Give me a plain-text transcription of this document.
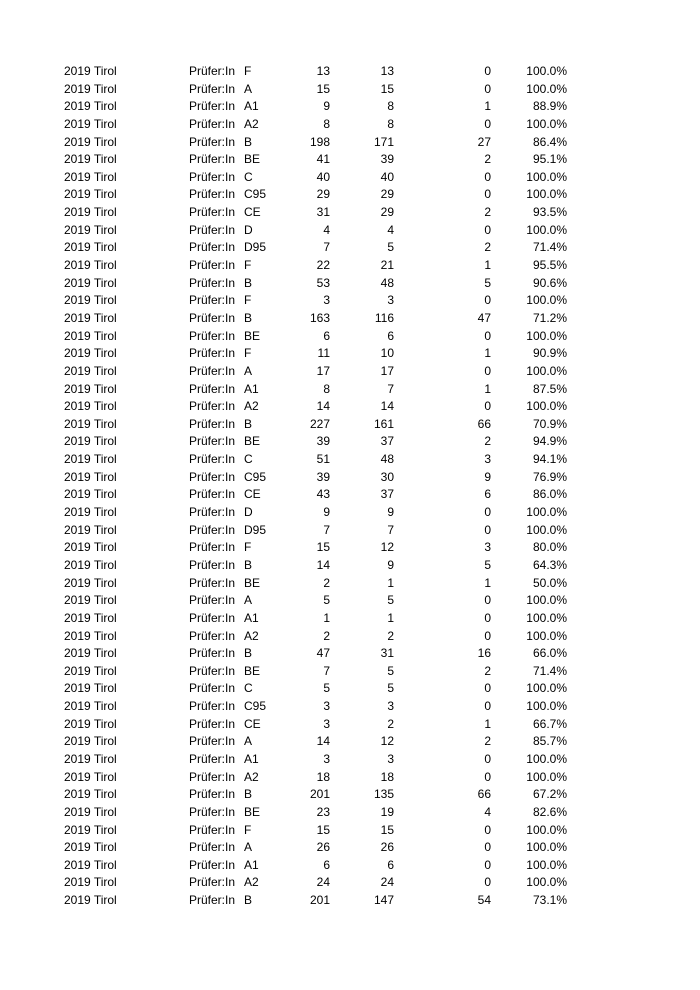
2019 Tirol	Prüfer:In F	13	13	0	100.0%
2019 Tirol	Prüfer:In A	15	15	0	100.0%
2019 Tirol	Prüfer:In A1	9	8	1	88.9%
2019 Tirol	Prüfer:In A2	8	8	0	100.0%
2019 Tirol	Prüfer:In B	198	171	27	86.4%
2019 Tirol	Prüfer:In BE	41	39	2	95.1%
2019 Tirol	Prüfer:In C	40	40	0	100.0%
2019 Tirol	Prüfer:In C95	29	29	0	100.0%
2019 Tirol	Prüfer:In CE	31	29	2	93.5%
2019 Tirol	Prüfer:In D	4	4	0	100.0%
2019 Tirol	Prüfer:In D95	7	5	2	71.4%
2019 Tirol	Prüfer:In F	22	21	1	95.5%
2019 Tirol	Prüfer:In B	53	48	5	90.6%
2019 Tirol	Prüfer:In F	3	3	0	100.0%
2019 Tirol	Prüfer:In B	163	116	47	71.2%
2019 Tirol	Prüfer:In BE	6	6	0	100.0%
2019 Tirol	Prüfer:In F	11	10	1	90.9%
2019 Tirol	Prüfer:In A	17	17	0	100.0%
2019 Tirol	Prüfer:In A1	8	7	1	87.5%
2019 Tirol	Prüfer:In A2	14	14	0	100.0%
2019 Tirol	Prüfer:In B	227	161	66	70.9%
2019 Tirol	Prüfer:In BE	39	37	2	94.9%
2019 Tirol	Prüfer:In C	51	48	3	94.1%
2019 Tirol	Prüfer:In C95	39	30	9	76.9%
2019 Tirol	Prüfer:In CE	43	37	6	86.0%
2019 Tirol	Prüfer:In D	9	9	0	100.0%
2019 Tirol	Prüfer:In D95	7	7	0	100.0%
2019 Tirol	Prüfer:In F	15	12	3	80.0%
2019 Tirol	Prüfer:In B	14	9	5	64.3%
2019 Tirol	Prüfer:In BE	2	1	1	50.0%
2019 Tirol	Prüfer:In A	5	5	0	100.0%
2019 Tirol	Prüfer:In A1	1	1	0	100.0%
2019 Tirol	Prüfer:In A2	2	2	0	100.0%
2019 Tirol	Prüfer:In B	47	31	16	66.0%
2019 Tirol	Prüfer:In BE	7	5	2	71.4%
2019 Tirol	Prüfer:In C	5	5	0	100.0%
2019 Tirol	Prüfer:In C95	3	3	0	100.0%
2019 Tirol	Prüfer:In CE	3	2	1	66.7%
2019 Tirol	Prüfer:In A	14	12	2	85.7%
2019 Tirol	Prüfer:In A1	3	3	0	100.0%
2019 Tirol	Prüfer:In A2	18	18	0	100.0%
2019 Tirol	Prüfer:In B	201	135	66	67.2%
2019 Tirol	Prüfer:In BE	23	19	4	82.6%
2019 Tirol	Prüfer:In F	15	15	0	100.0%
2019 Tirol	Prüfer:In A	26	26	0	100.0%
2019 Tirol	Prüfer:In A1	6	6	0	100.0%
2019 Tirol	Prüfer:In A2	24	24	0	100.0%
2019 Tirol	Prüfer:In B	201	147	54	73.1%
